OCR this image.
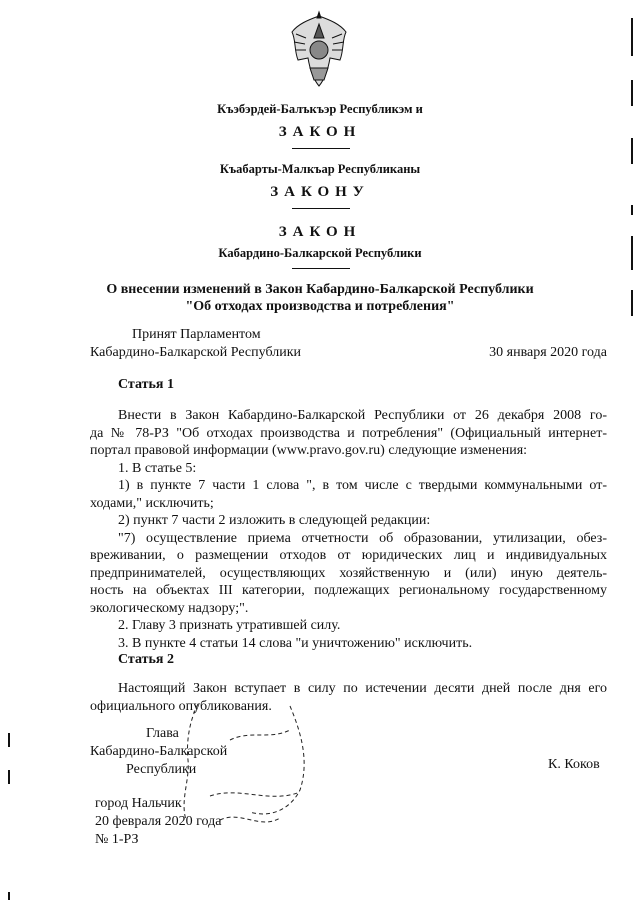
Къэбэрдей-Балъкъэр Республикэм и
ЗАКОН
Къабарты-Малкъар Республиканы
ЗАКОНУ
ЗАКОН
Кабардино-Балкарской Республики
О внесении изменений в Закон Кабардино-Балкарской Республики
"Об отходах производства и потребления"
Принят Парламентом
Кабардино-Балкарской Республики	30 января 2020 года
Статья 1
Внести в Закон Кабардино-Балкарской Республики от 26 декабря 2008 го-
да № 78-РЗ "Об отходах производства и потребления" (Официальный интернет-
портал правовой информации (www.pravo.gov.ru) следующие изменения:
1. В статье 5:
1) в пункте 7 части 1 слова ", в том числе с твердыми коммунальными от-
ходами," исключить;
2) пункт 7 части 2 изложить в следующей редакции:
"7) осуществление приема отчетности об образовании, утилизации, обез-
вреживании, о размещении отходов от юридических лиц и индивидуальных
предпринимателей, осуществляющих хозяйственную и (или) иную деятель-
ность на объектах III категории, подлежащих региональному государственному
экологическому надзору;".
2. Главу 3 признать утратившей силу.
3. В пункте 4 статьи 14 слова "и уничтожению" исключить.
Статья 2
Настоящий Закон вступает в силу по истечении десяти дней после дня его
официального опубликования.
Глава
Кабардино-Балкарской
Республики	К. Коков
город Нальчик
20 февраля 2020 года
№ 1-РЗ
